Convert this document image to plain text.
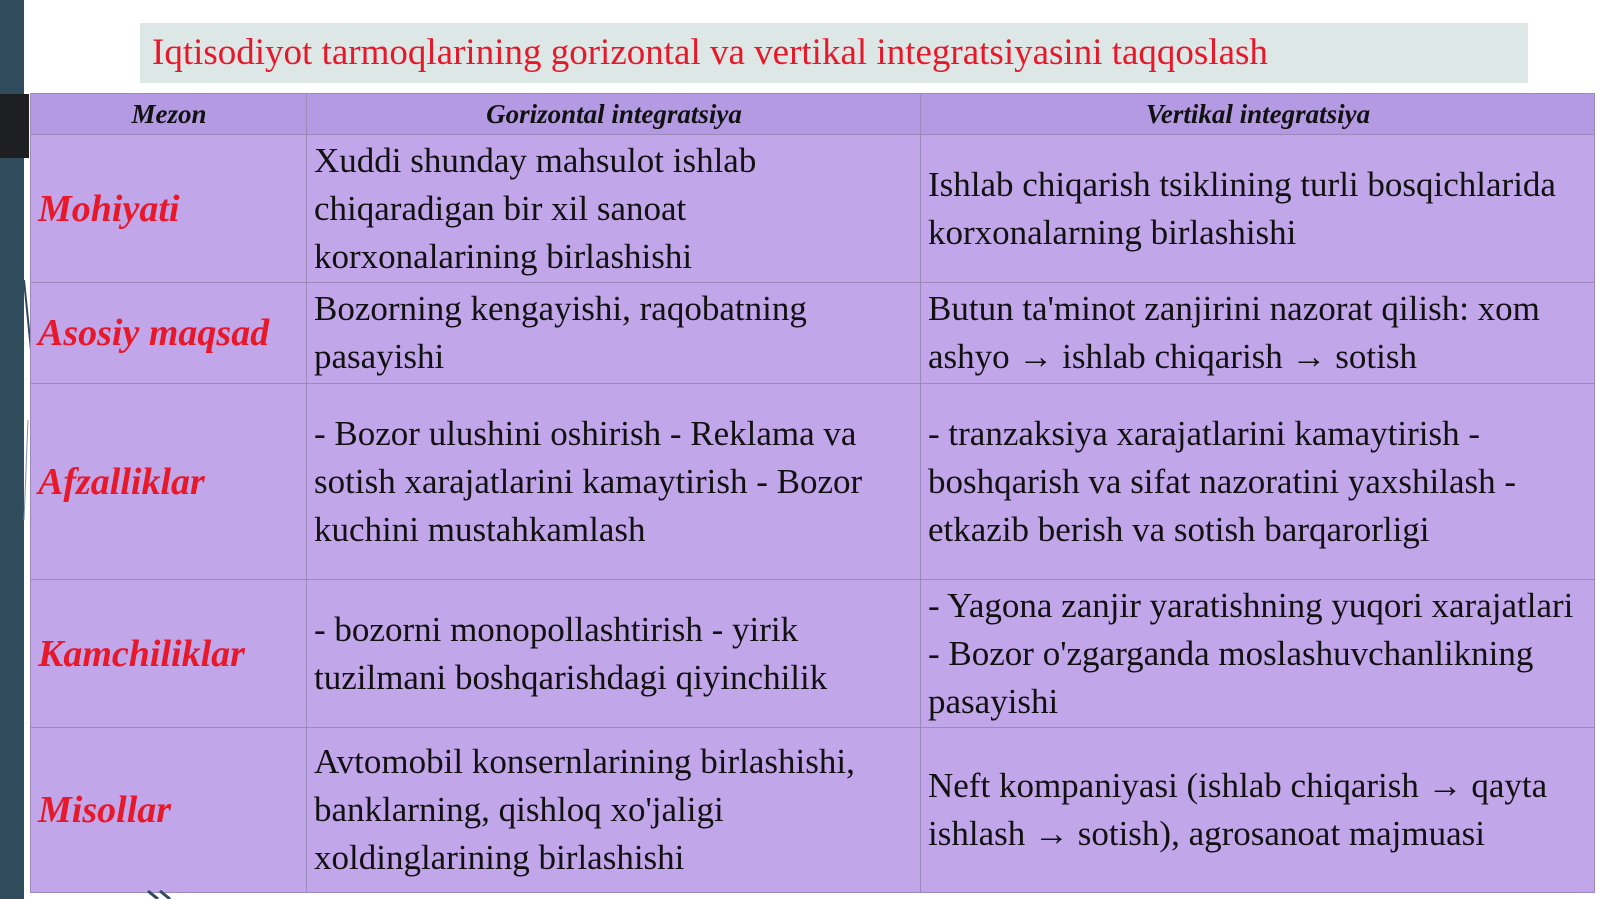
Iqtisodiyot tarmoqlarining gorizontal va vertikal integratsiyasini taqqoslash
Mezon	Gorizontal integratsiya	Vertikal integratsiya
Mohiyati	Xuddi shunday mahsulot ishlab chiqaradigan bir xil sanoat korxonalarining birlashishi	Ishlab chiqarish tsiklining turli bosqichlarida korxonalarning birlashishi
Asosiy maqsad	Bozorning kengayishi, raqobatning pasayishi	Butun ta'minot zanjirini nazorat qilish: xom ashyo → ishlab chiqarish → sotish
Afzalliklar	- Bozor ulushini oshirish - Reklama va sotish xarajatlarini kamaytirish - Bozor kuchini mustahkamlash	- tranzaksiya xarajatlarini kamaytirish - boshqarish va sifat nazoratini yaxshilash - etkazib berish va sotish barqarorligi
Kamchiliklar	- bozorni monopollashtirish - yirik tuzilmani boshqarishdagi qiyinchilik	- Yagona zanjir yaratishning yuqori xarajatlari - Bozor o'zgarganda moslashuvchanlikning pasayishi
Misollar	Avtomobil konsernlarining birlashishi, banklarning, qishloq xo'jaligi xoldinglarining birlashishi	Neft kompaniyasi (ishlab chiqarish → qayta ishlash → sotish), agrosanoat majmuasi
